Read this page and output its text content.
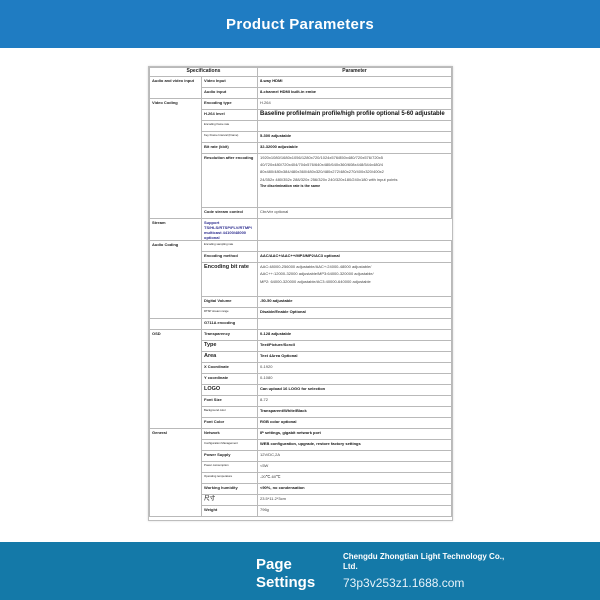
Product Parameters
Specifications		Parameter
Audio and video input	Video Input	8-way HDMI
	Audio input	8-channel HDMI built-in embe
Video Coding	Encoding type	H.264
	H.264 level	Baseline profile/main profile/high profile optional 5-60 adjustable
	Encoding frame rate	
	Key Frame Interval (Frame)	5-300 adjustable
	Bit rate (kbit)	32-32000 adjustable
	Resolution after encoding	1920x1080/1680x1056/1280x720/1024x576/850x480/720x576/720x5

40/720x480/720x404/704x576/640x480/640x360/608x448/544x480/4

80x480/480x384/480x360/480x320/480x272/480x270/400x320/400x2

24/352x 480/352x 288/320x 256/320x 240/320x180/240x180 with input points

The discrimination rate is the same

	Code stream control	Cbr/vbr optional
Stream	Support TS/HLS/RTSP/FLV/RTMP/ multicast 44100/48000 optional	
Audio Coding	Encoding sampling rate	
	Encoding method	AAC/AAC+/AAC++/MP3/MP2/AC3 optional
	Encoding bit rate	AAC:48000-256000 adjustable/AAC+:24000-48000 adjustable/

AAC++:12000-32000 adjustable/MP3:64000-320000 adjustable/

MP2: 64000-320000 adjustable/AC3:40000-640000 adjustable

	Digital Volume	-50-50 adjustable
	RTSP stream range	Disable/Enable Optional
	G711A encoding	
OSD	Transparency	0-128 adjustable
	Type	Text/Picture/Scroll
	Area	Text 4Area Optional
	X Coordinate	0-1920
	Y coordinate	0-1080
	LOGO	Can upload 16 LOGO for selection
	Font Size	8-72
	Background color	Transparent/White/Black
	Font Color	RGB color optional
General	Network	IP settings, gigabit network port
	Configuration Management	WEB configuration, upgrade, restore factory settings
	Power Supply	12V/DC,2A
	Power consumption	<5W
	Operating temperature	-20℃-60℃
	Working humidity	<90%, no condensation
	尺寸	23.5*11.2*3cm
	Weight	796g
Page Settings
Chengdu Zhongtian Light Technology Co., Ltd.
73p3v253z1.1688.com
